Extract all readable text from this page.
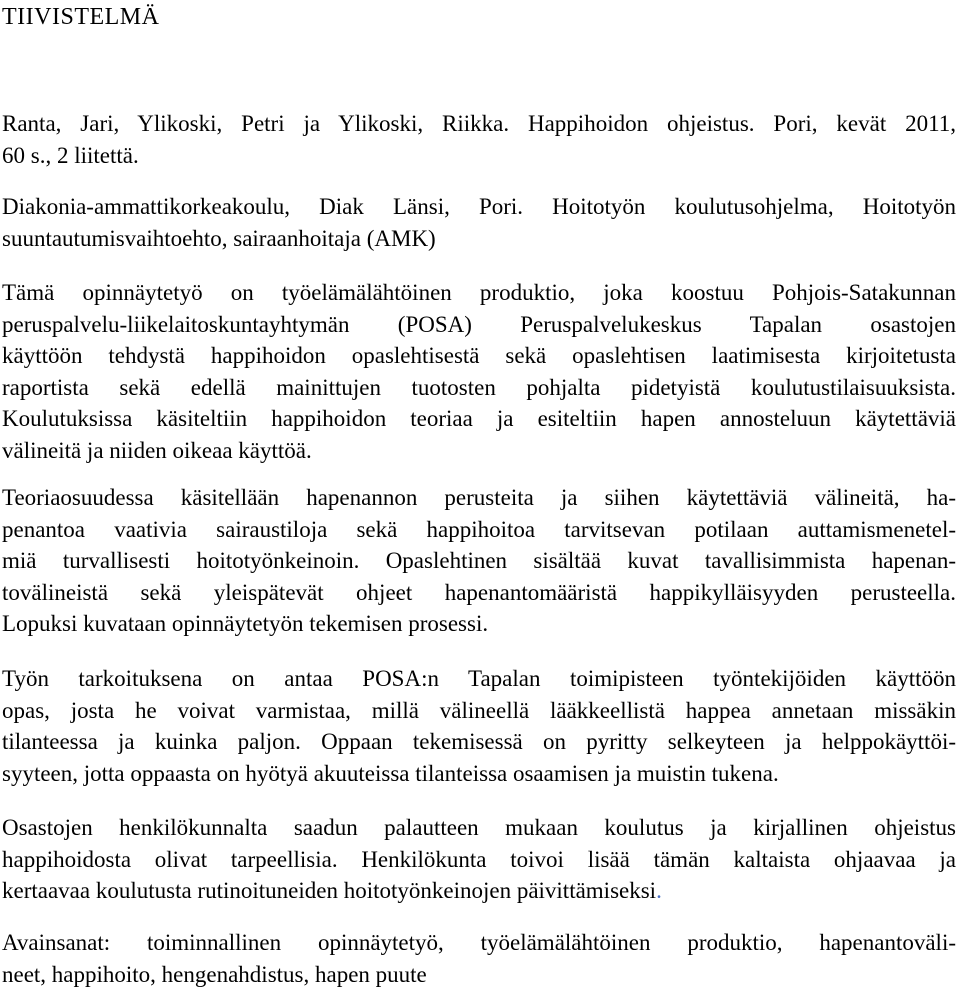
TIIVISTELMÄ

Ranta, Jari, Ylikoski, Petri ja Ylikoski, Riikka. Happihoidon ohjeistus. Pori, kevät 2011,
60 s., 2 liitettä.

Diakonia-ammattikorkeakoulu, Diak Länsi, Pori. Hoitotyön koulutusohjelma, Hoitotyön
suuntautumisvaihtoehto, sairaanhoitaja (AMK)

Tämä opinnäytetyö on työelämälähtöinen produktio, joka koostuu Pohjois-Satakunnan
peruspalvelu-liikelaitoskuntayhtymän (POSA) Peruspalvelukeskus Tapalan osastojen
käyttöön tehdystä happihoidon opaslehtisestä sekä opaslehtisen laatimisesta kirjoitetusta
raportista sekä edellä mainittujen tuotosten pohjalta pidetyistä koulutustilaisuuksista.
Koulutuksissa käsiteltiin happihoidon teoriaa ja esiteltiin hapen annosteluun käytettäviä
välineitä ja niiden oikeaa käyttöä.

Teoriaosuudessa käsitellään hapenannon perusteita ja siihen käytettäviä välineitä, ha-
penantoa vaativia sairaustiloja sekä happihoitoa tarvitsevan potilaan auttamismenetel-
miä turvallisesti hoitotyönkeinoin. Opaslehtinen sisältää kuvat tavallisimmista hapenan-
tovälineistä sekä yleispätevät ohjeet hapenantomääristä happikylläisyyden perusteella.
Lopuksi kuvataan opinnäytetyön tekemisen prosessi.

Työn tarkoituksena on antaa POSA:n Tapalan toimipisteen työntekijöiden käyttöön
opas, josta he voivat varmistaa, millä välineellä lääkkeellistä happea annetaan missäkin
tilanteessa ja kuinka paljon. Oppaan tekemisessä on pyritty selkeyteen ja helppokäyttöi-
syyteen, jotta oppaasta on hyötyä akuuteissa tilanteissa osaamisen ja muistin tukena.

Osastojen henkilökunnalta saadun palautteen mukaan koulutus ja kirjallinen ohjeistus
happihoidosta olivat tarpeellisia. Henkilökunta toivoi lisää tämän kaltaista ohjaavaa ja
kertaavaa koulutusta rutinoituneiden hoitotyönkeinojen päivittämiseksi.

Avainsanat: toiminnallinen opinnäytetyö, työelämälähtöinen produktio, hapenantoväli-
neet, happihoito, hengenahdistus, hapen puute
